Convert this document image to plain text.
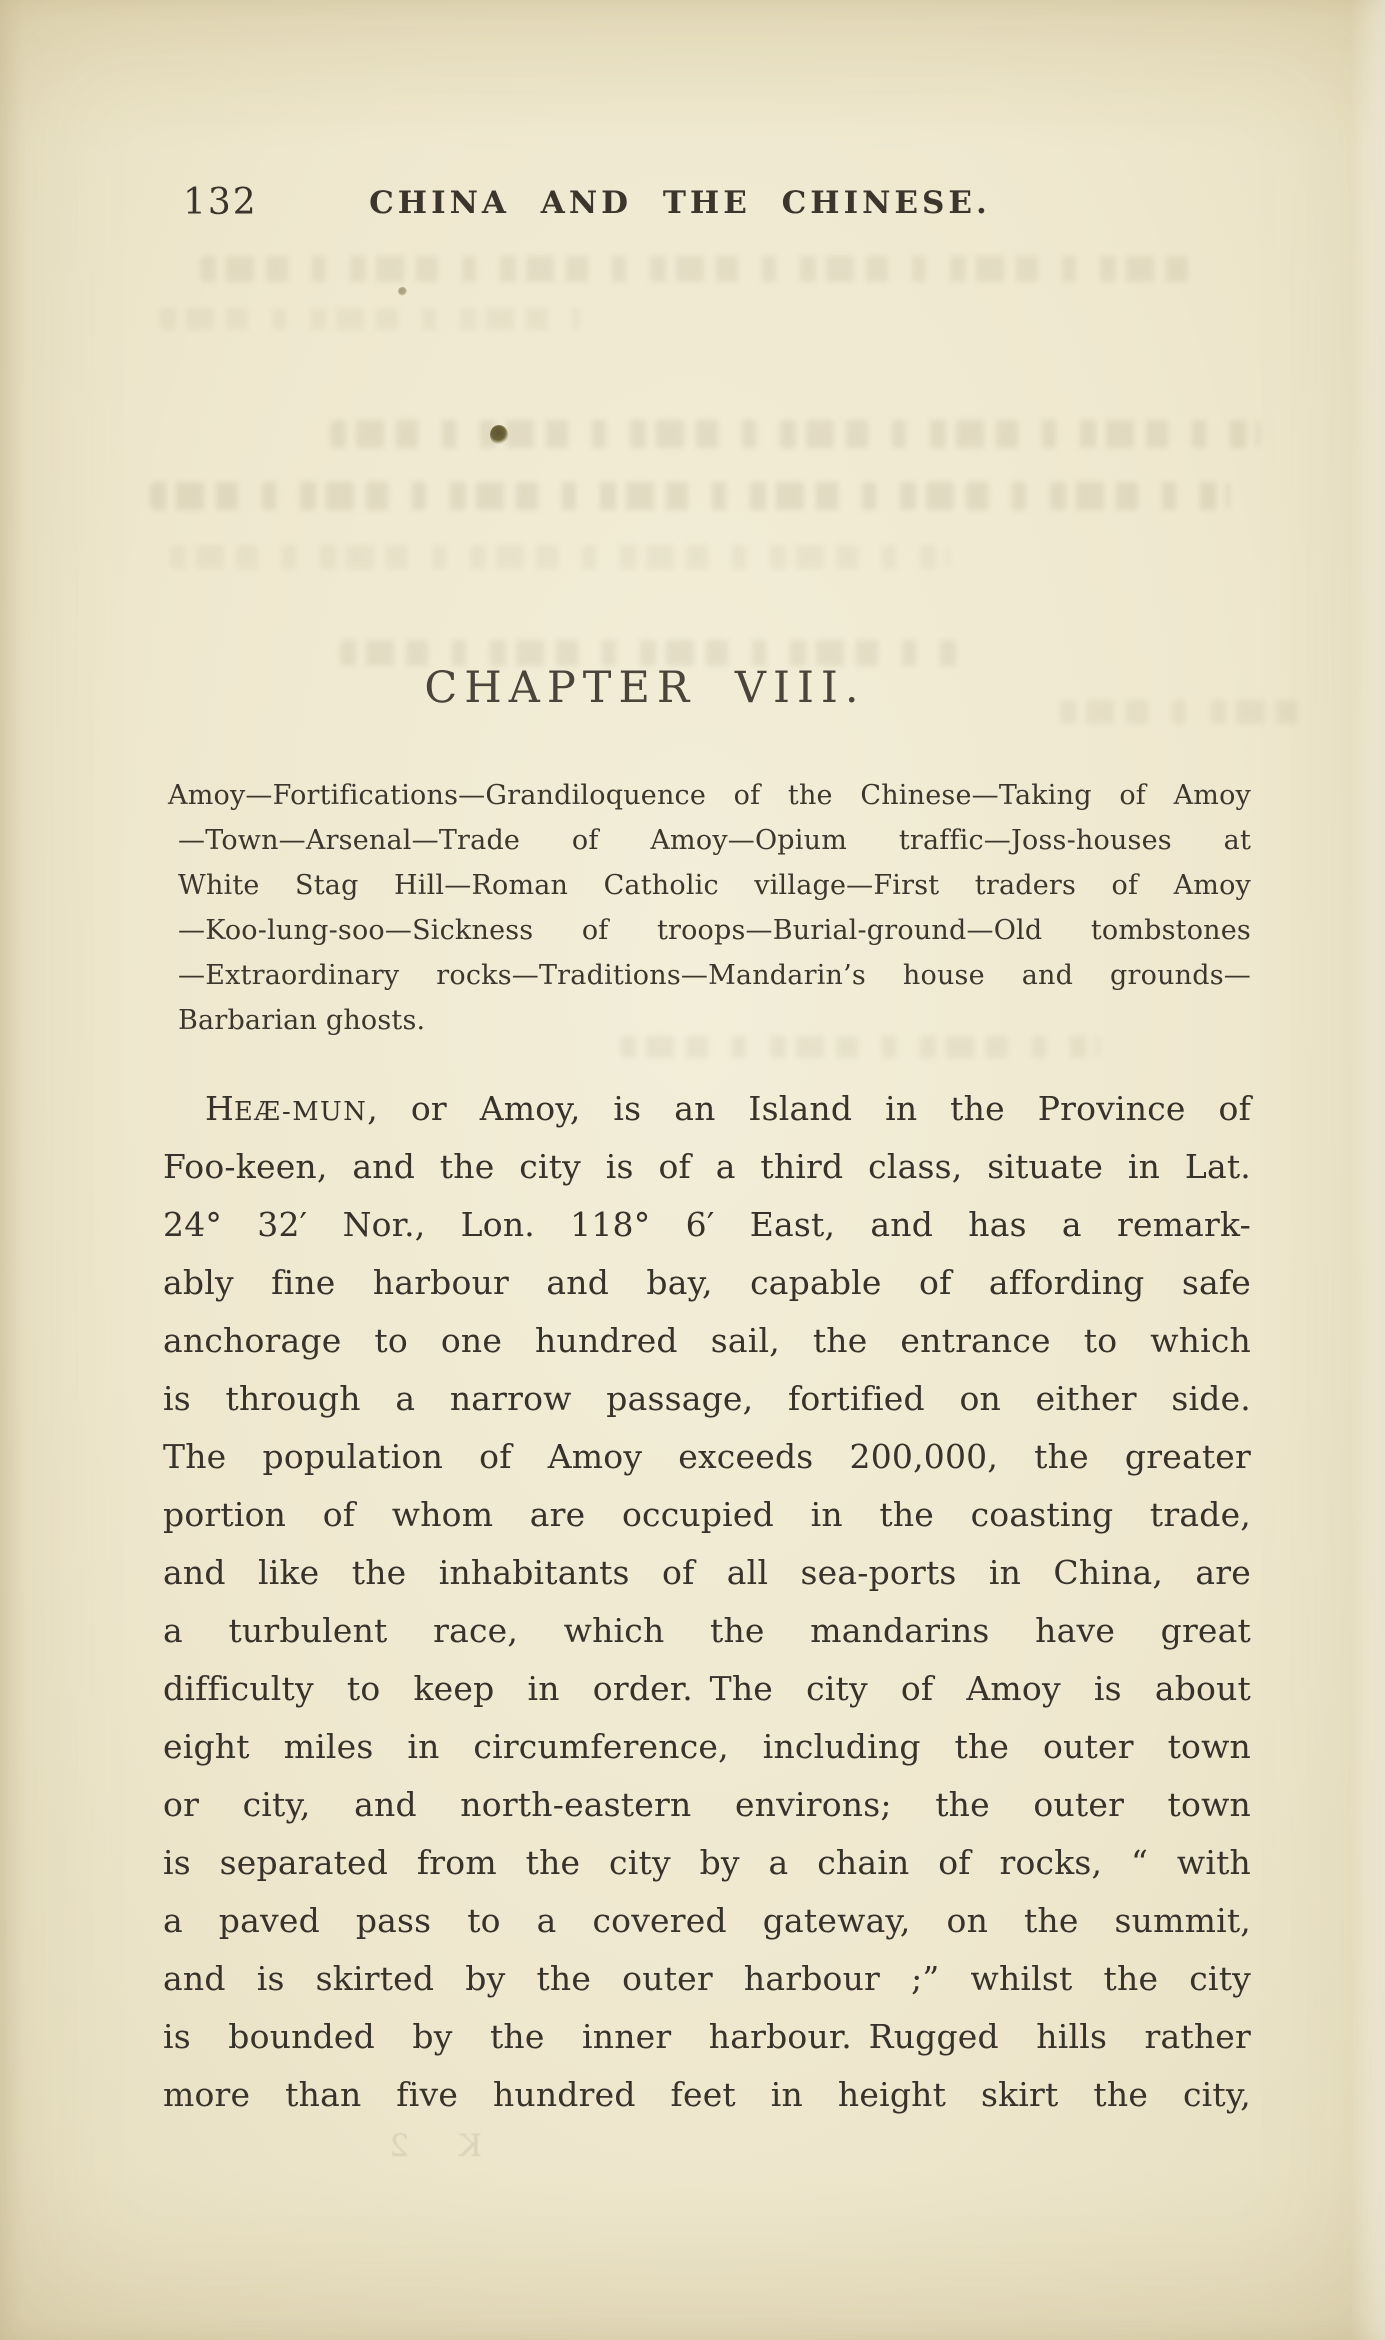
132	CHINA AND THE CHINESE.
CHAPTER VIII.
Amoy—Fortifications—Grandiloquence of the Chinese—Taking of Amoy
—Town—Arsenal—Trade of Amoy—Opium traffic—Joss-houses at
White Stag Hill—Roman Catholic village—First traders of Amoy
—Koo-lung-soo—Sickness of troops—Burial-ground—Old tombstones
—Extraordinary rocks—Traditions—Mandarin’s house and grounds—
Barbarian ghosts.
HEÆ-MUN, or Amoy, is an Island in the Province of
Foo-keen, and the city is of a third class, situate in Lat.
24° 32′ Nor., Lon. 118° 6′ East, and has a remark-
ably fine harbour and bay, capable of affording safe
anchorage to one hundred sail, the entrance to which
is through a narrow passage, fortified on either side.
The population of Amoy exceeds 200,000, the greater
portion of whom are occupied in the coasting trade,
and like the inhabitants of all sea-ports in China, are
a turbulent race, which the mandarins have great
difficulty to keep in order. The city of Amoy is about
eight miles in circumference, including the outer town
or city, and north-eastern environs; the outer town
is separated from the city by a chain of rocks, “ with
a paved pass to a covered gateway, on the summit,
and is skirted by the outer harbour ;” whilst the city
is bounded by the inner harbour. Rugged hills rather
more than five hundred feet in height skirt the city,
K 2
